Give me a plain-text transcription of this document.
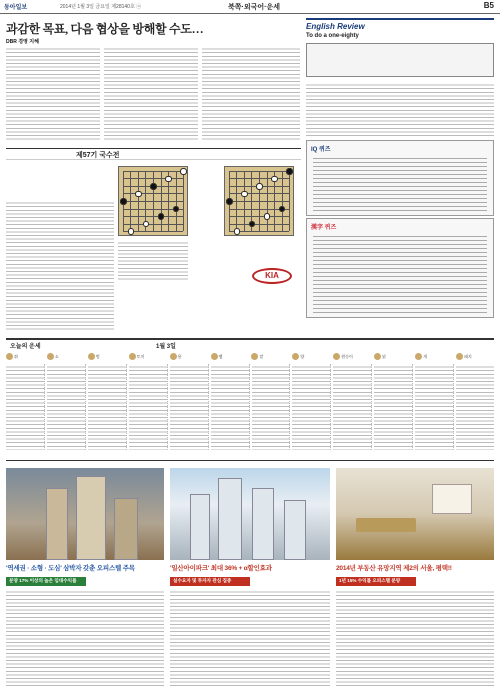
동아일보	2014년 1월 3일 금요일 제28140호 ⓐ	북쪽·외국어·운세	B5
과감한 목표, 다음 협상을 방해할 수도…
DBR 경영 지혜
English Review
To do a one-eighty
IQ 퀴즈
漢字 퀴즈
제57기 국수전
KIA
오늘의 운세	1월 3일
쥐	소	범	토끼	용	뱀	말	양	원숭이	닭	개	돼지
'역세권 · 소형 · 도심' 삼박자 갖춘 오피스텔 주목	'일산아이파크' 최대 36% + α할인효과	2014년 부동산 유망지역 제2의 서울, 평택!!
분양 17% 이상의 높은 임대수익률	실수요자 및 투자자 관심 집중	1년 15% 수익률 오피스텔 분양
